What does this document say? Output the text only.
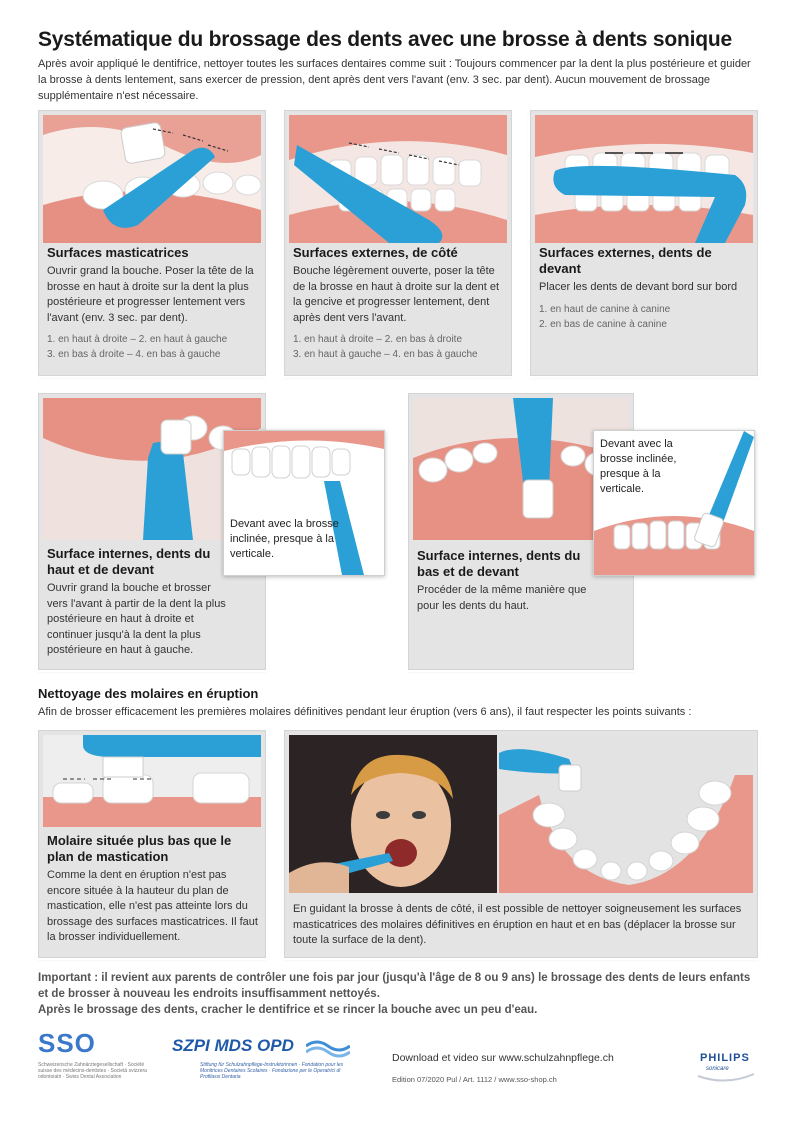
Systématique du brossage des dents avec une brosse à dents sonique
Après avoir appliqué le dentifrice, nettoyer toutes les surfaces dentaires comme suit : Toujours commencer par la dent la plus postérieure et guider la brosse à dents lentement, sans exercer de pression, dent après dent vers l'avant (env. 3 sec. par dent). Aucun mouvement de brossage supplémentaire n'est nécessaire.
Surfaces masticatrices
Ouvrir grand la bouche. Poser la tête de la brosse en haut à droite sur la dent la plus postérieure et progresser lentement vers l'avant (env. 3 sec. par dent).
1. en haut à droite – 2. en haut à gauche
3. en bas à droite – 4. en bas à gauche
Surfaces externes, de côté
Bouche légèrement ouverte, poser la tête de la brosse en haut à droite sur la dent et la gencive et progresser lentement, dent après dent vers l'avant.
1. en haut à droite – 2. en bas à droite
3. en haut à gauche – 4. en bas à gauche
Surfaces externes, dents de devant
Placer les dents de devant bord sur bord
1. en haut de canine à canine
2. en bas de canine à canine
Devant avec la brosse inclinée, presque à la verticale.
Surface internes, dents du haut et de devant
Ouvrir grand la bouche et brosser vers l'avant à partir de la dent la plus postérieure en haut à droite et continuer jusqu'à la dent la plus postérieure en haut à gauche.
Devant avec la brosse inclinée, presque à la verticale.
Surface internes, dents du bas et de devant
Procéder de la même manière que pour les dents du haut.
Nettoyage des molaires en éruption
Afin de brosser efficacement les premières molaires définitives pendant leur éruption (vers 6 ans), il faut respecter les points suivants :
Molaire située plus bas que le plan de mastication
Comme la dent en éruption n'est pas encore située à la hauteur du plan de mastication, elle n'est pas atteinte lors du brossage des surfaces masticatrices. Il faut la brosser individuellement.
En guidant la brosse à dents de côté, il est possible de nettoyer soigneusement les surfaces masticatrices des molaires définitives en éruption en haut et en bas (déplacer la brosse sur toute la surface de la dent).
Important : il revient aux parents de contrôler une fois par jour (jusqu'à l'âge de 8 ou 9 ans) le brossage des dents de leurs enfants et de brosser à nouveau les endroits insuffisamment nettoyés.
Après le brossage des dents, cracher le dentifrice et se rincer la bouche avec un peu d'eau.
SSO
Schweizerische Zahnärztegesellschaft · Société suisse des médecins-dentistes · Società svizzera odontoiatri · Swiss Dental Association
SZPI MDS OPD
Stiftung für Schulzahnpflege-Instruktorinnen · Fondation pour les Monitrices Dentaires Scolaires · Fondazione per le Operatrici di Profilassi Dentaria
Download et video sur www.schulzahnpflege.ch
Edition 07/2020 Pul / Art. 1112 / www.sso-shop.ch
PHILIPS
sonicare
